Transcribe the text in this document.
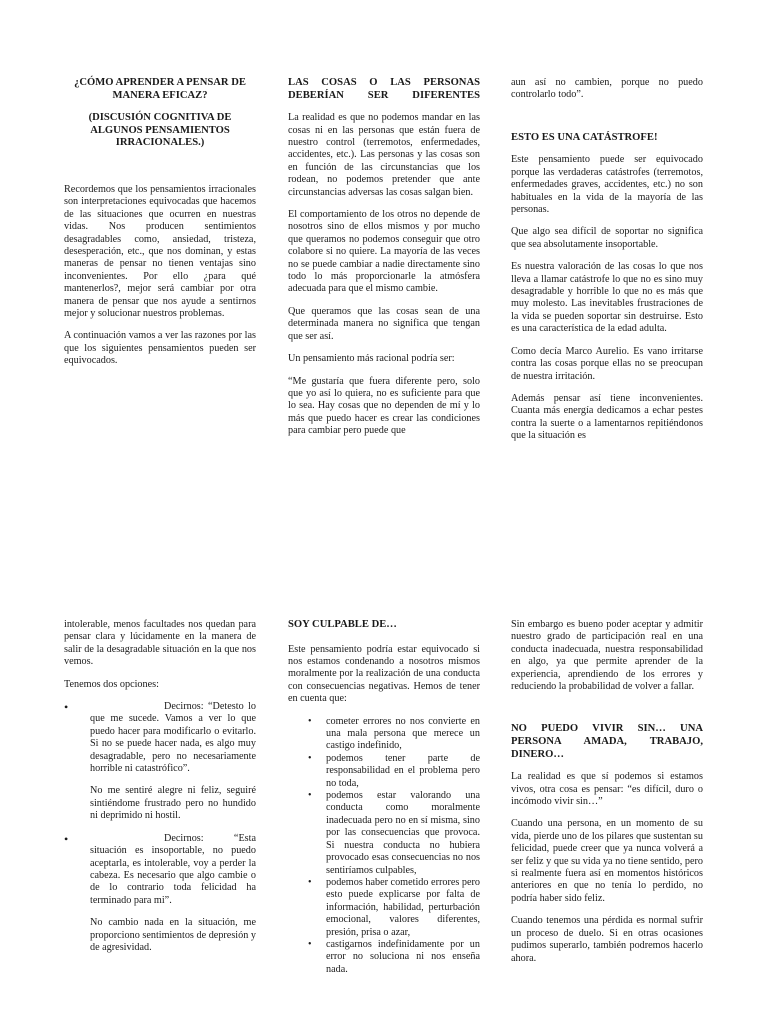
¿CÓMO APRENDER A PENSAR DE MANERA EFICAZ?
(DISCUSIÓN COGNITIVA DE ALGUNOS PENSAMIENTOS IRRACIONALES.)

Recordemos que los pensamientos irracionales son interpretaciones equivocadas que hacemos de las situaciones que ocurren en nuestras vidas. Nos producen sentimientos desagradables como, ansiedad, tristeza, desesperación, etc., que nos dominan, y estas maneras de pensar no tienen ventajas sino inconvenientes. Por ello ¿para qué mantenerlos?, mejor será cambiar por otra manera de pensar que nos ayude a sentirnos mejor y solucionar nuestros problemas.

A continuación vamos a ver las razones por las que los siguientes pensamientos pueden ser equivocados.

LAS COSAS O LAS PERSONAS DEBERÍAN SER DIFERENTES

La realidad es que no podemos mandar en las cosas ni en las personas que están fuera de nuestro control (terremotos, enfermedades, accidentes, etc.). Las personas y las cosas son en función de las circunstancias que los rodean, no podemos pretender que ante circunstancias adversas las cosas salgan bien.

El comportamiento de los otros no depende de nosotros sino de ellos mismos y por mucho que queramos no podemos conseguir que otro colabore si no quiere. La mayoría de las veces no se puede cambiar a nadie directamente sino todo lo más proporcionarle la atmósfera adecuada para que el mismo cambie.

Que queramos que las cosas sean de una determinada manera no significa que tengan que ser así.

Un pensamiento más racional podría ser:

“Me gustaría que fuera diferente pero, solo que yo así lo quiera, no es suficiente para que lo sea. Hay cosas que no dependen de mí y lo más que puedo hacer es crear las condiciones para cambiar pero puede que

aun así no cambien, porque no puedo controlarlo todo”.

ESTO ES UNA CATÁSTROFE!

Este pensamiento puede ser equivocado porque las verdaderas catástrofes (terremotos, enfermedades graves, accidentes, etc.) no son habituales en la vida de la mayoría de las personas.

Que algo sea difícil de soportar no significa que sea absolutamente insoportable.

Es nuestra valoración de las cosas lo que nos lleva a llamar catástrofe lo que no es sino muy desagradable y horrible lo que no es más que muy molesto. Las inevitables frustraciones de la vida se pueden soportar sin destruirse. Esto es una característica de la edad adulta.

Como decía Marco Aurelio. Es vano irritarse contra las cosas porque ellas no se preocupan de nuestra irritación.

Además pensar así tiene inconvenientes. Cuanta más energía dedicamos a echar pestes contra la suerte o a lamentarnos repitiéndonos que la situación es

intolerable, menos facultades nos quedan para pensar clara y lúcidamente en la manera de salir de la desagradable situación en la que nos vemos.

Tenemos dos opciones:

•	Decirnos: “Detesto lo que me sucede. Vamos a ver lo que puedo hacer para modificarlo o evitarlo. Si no se puede hacer nada, es algo muy desagradable, pero no necesariamente horrible ni catastrófico”.

No me sentiré alegre ni feliz, seguiré sintiéndome frustrado pero no hundido ni deprimido ni hostil.

•	Decirnos: “Esta situación es insoportable, no puedo aceptarla, es intolerable, voy a perder la cabeza. Es necesario que algo cambie o de lo contrario toda felicidad ha terminado para mi”.

No cambio nada en la situación, me proporciono sentimientos de depresión y de agresividad.

SOY CULPABLE DE…

Este pensamiento podría estar equivocado si nos estamos condenando a nosotros mismos moralmente por la realización de una conducta con consecuencias negativas. Hemos de tener en cuenta que:

• cometer errores no nos convierte en una mala persona que merece un castigo indefinido,
• podemos tener parte de responsabilidad en el problema pero no toda,
• podemos estar valorando una conducta como moralmente inadecuada pero no en sí misma, sino por las consecuencias que provoca. Si nuestra conducta no hubiera provocado esas consecuencias no nos sentiríamos culpables,
• podemos haber cometido errores pero esto puede explicarse por falta de información, habilidad, perturbación emocional, valores diferentes, presión, prisa o azar,
• castigarnos indefinidamente por un error no soluciona ni nos enseña nada.

Sin embargo es bueno poder aceptar y admitir nuestro grado de participación real en una conducta inadecuada, nuestra responsabilidad en algo, ya que permite aprender de la experiencia, aprendiendo de los errores y reduciendo la probabilidad de volver a fallar.

NO PUEDO VIVIR SIN… UNA PERSONA AMADA, TRABAJO, DINERO…

La realidad es que sí podemos si estamos vivos, otra cosa es pensar: “es difícil, duro o incómodo vivir sin…”

Cuando una persona, en un momento de su vida, pierde uno de los pilares que sustentan su felicidad, puede creer que ya nunca volverá a ser feliz y que su vida ya no tiene sentido, pero si realmente fuera así en momentos históricos anteriores en que no tenía lo perdido, no podría haber sido feliz.

Cuando tenemos una pérdida es normal sufrir un proceso de duelo. Si en otras ocasiones pudimos superarlo, también podremos hacerlo ahora.
